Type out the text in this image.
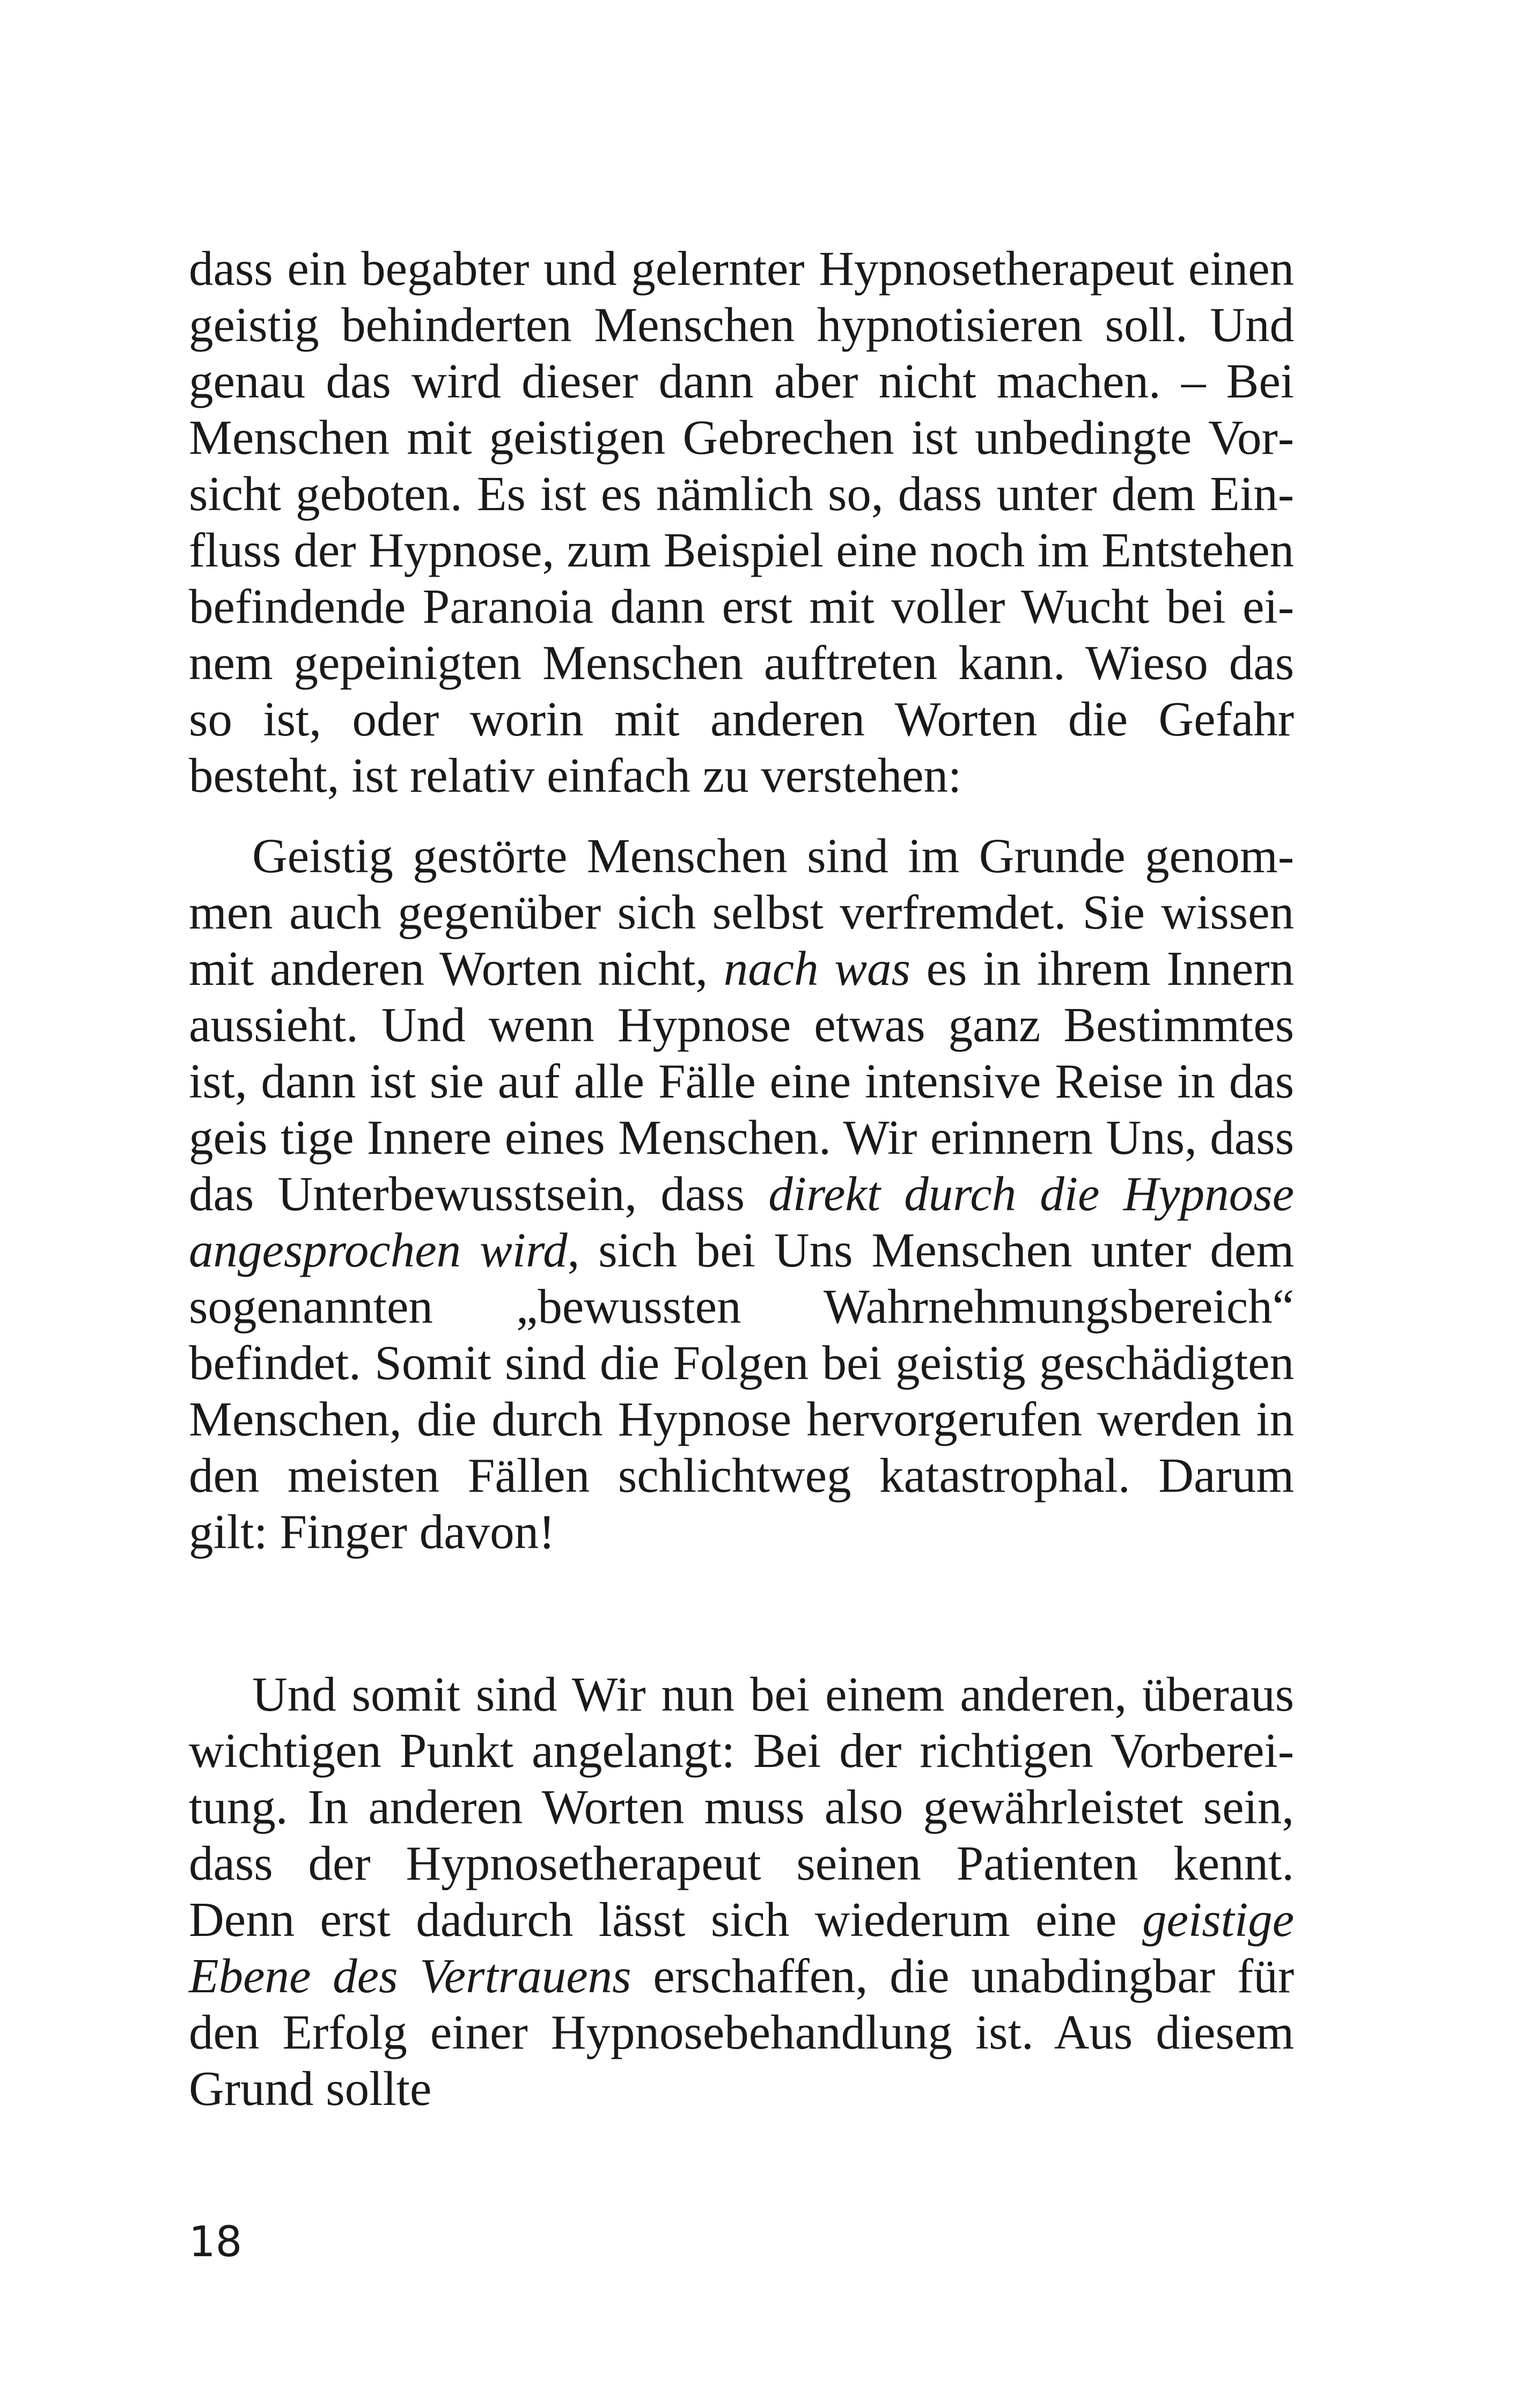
dass ein begabter und gelernter Hypnosetherapeut einen geistig behinderten Menschen hypnotisieren soll. Und genau das wird dieser dann aber nicht machen. – Bei Menschen mit geistigen Gebrechen ist unbedingte Vorsicht geboten. Es ist es nämlich so, dass unter dem Einfluss der Hypnose, zum Beispiel eine noch im Entstehen befindende Paranoia dann erst mit voller Wucht bei einem gepeinigten Menschen auftreten kann. Wieso das so ist, oder worin mit anderen Worten die Gefahr besteht, ist relativ einfach zu verstehen:

Geistig gestörte Menschen sind im Grunde genommen auch gegenüber sich selbst verfremdet. Sie wissen mit anderen Worten nicht, nach was es in ihrem Innern aussieht. Und wenn Hypnose etwas ganz Bestimmtes ist, dann ist sie auf alle Fälle eine intensive Reise in das geis tige Innere eines Menschen. Wir erinnern Uns, dass das Unterbewusstsein, dass direkt durch die Hypnose angesprochen wird, sich bei Uns Menschen unter dem sogenannten „bewussten Wahrnehmungsbereich“ befindet. Somit sind die Folgen bei geistig geschädigten Menschen, die durch Hypnose hervorgerufen werden in den meisten Fällen schlichtweg katastrophal. Darum gilt: Finger davon!

Und somit sind Wir nun bei einem anderen, überaus wichtigen Punkt angelangt: Bei der richtigen Vorbereitung. In anderen Worten muss also gewährleistet sein, dass der Hypnosetherapeut seinen Patienten kennt. Denn erst dadurch lässt sich wiederum eine geistige Ebene des Vertrauens erschaffen, die unabdingbar für den Erfolg einer Hypnosebehandlung ist. Aus diesem Grund sollte

18
